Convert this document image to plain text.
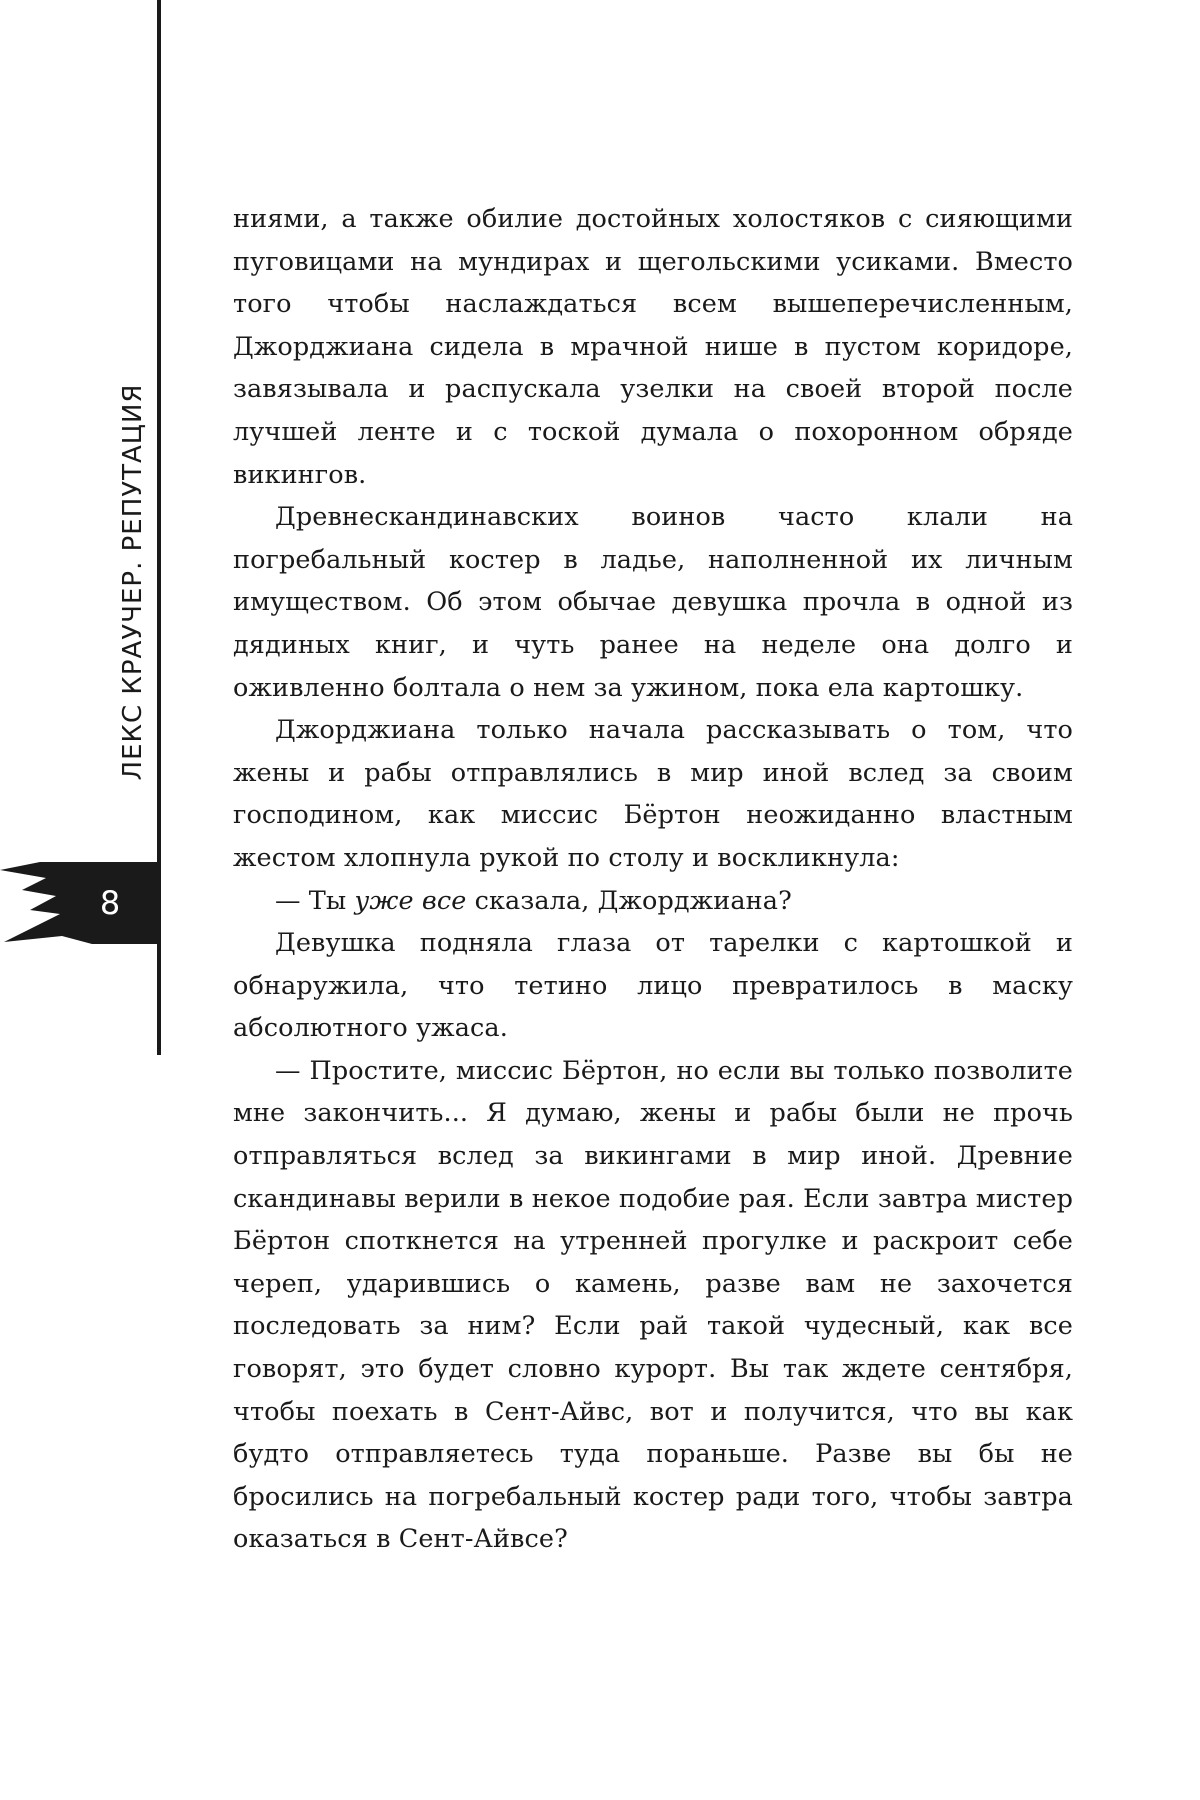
ЛЕКС КРАУЧЕР. РЕПУТАЦИЯ
8

ниями, а также обилие достойных холостяков с сияющими пуговицами на мундирах и щегольскими усиками. Вместо того чтобы наслаждаться всем вышеперечисленным, Джорджиана сидела в мрачной нише в пустом коридоре, завязывала и распускала узелки на своей второй после лучшей ленте и с тоской думала о похоронном обряде викингов.

Древнескандинавских воинов часто клали на погребальный костер в ладье, наполненной их личным имуществом. Об этом обычае девушка прочла в одной из дядиных книг, и чуть ранее на неделе она долго и оживленно болтала о нем за ужином, пока ела картошку.

Джорджиана только начала рассказывать о том, что жены и рабы отправлялись в мир иной вслед за своим господином, как миссис Бёртон неожиданно властным жестом хлопнула рукой по столу и воскликнула:

— Ты уже все сказала, Джорджиана?

Девушка подняла глаза от тарелки с картошкой и обнаружила, что тетино лицо превратилось в маску абсолютного ужаса.

— Простите, миссис Бёртон, но если вы только позволите мне закончить... Я думаю, жены и рабы были не прочь отправляться вслед за викингами в мир иной. Древние скандинавы верили в некое подобие рая. Если завтра мистер Бёртон споткнется на утренней прогулке и раскроит себе череп, ударившись о камень, разве вам не захочется последовать за ним? Если рай такой чудесный, как все говорят, это будет словно курорт. Вы так ждете сентября, чтобы поехать в Сент-Айвс, вот и получится, что вы как будто отправляетесь туда пораньше. Разве вы бы не бросились на погребальный костер ради того, чтобы завтра оказаться в Сент-Айвсе?
